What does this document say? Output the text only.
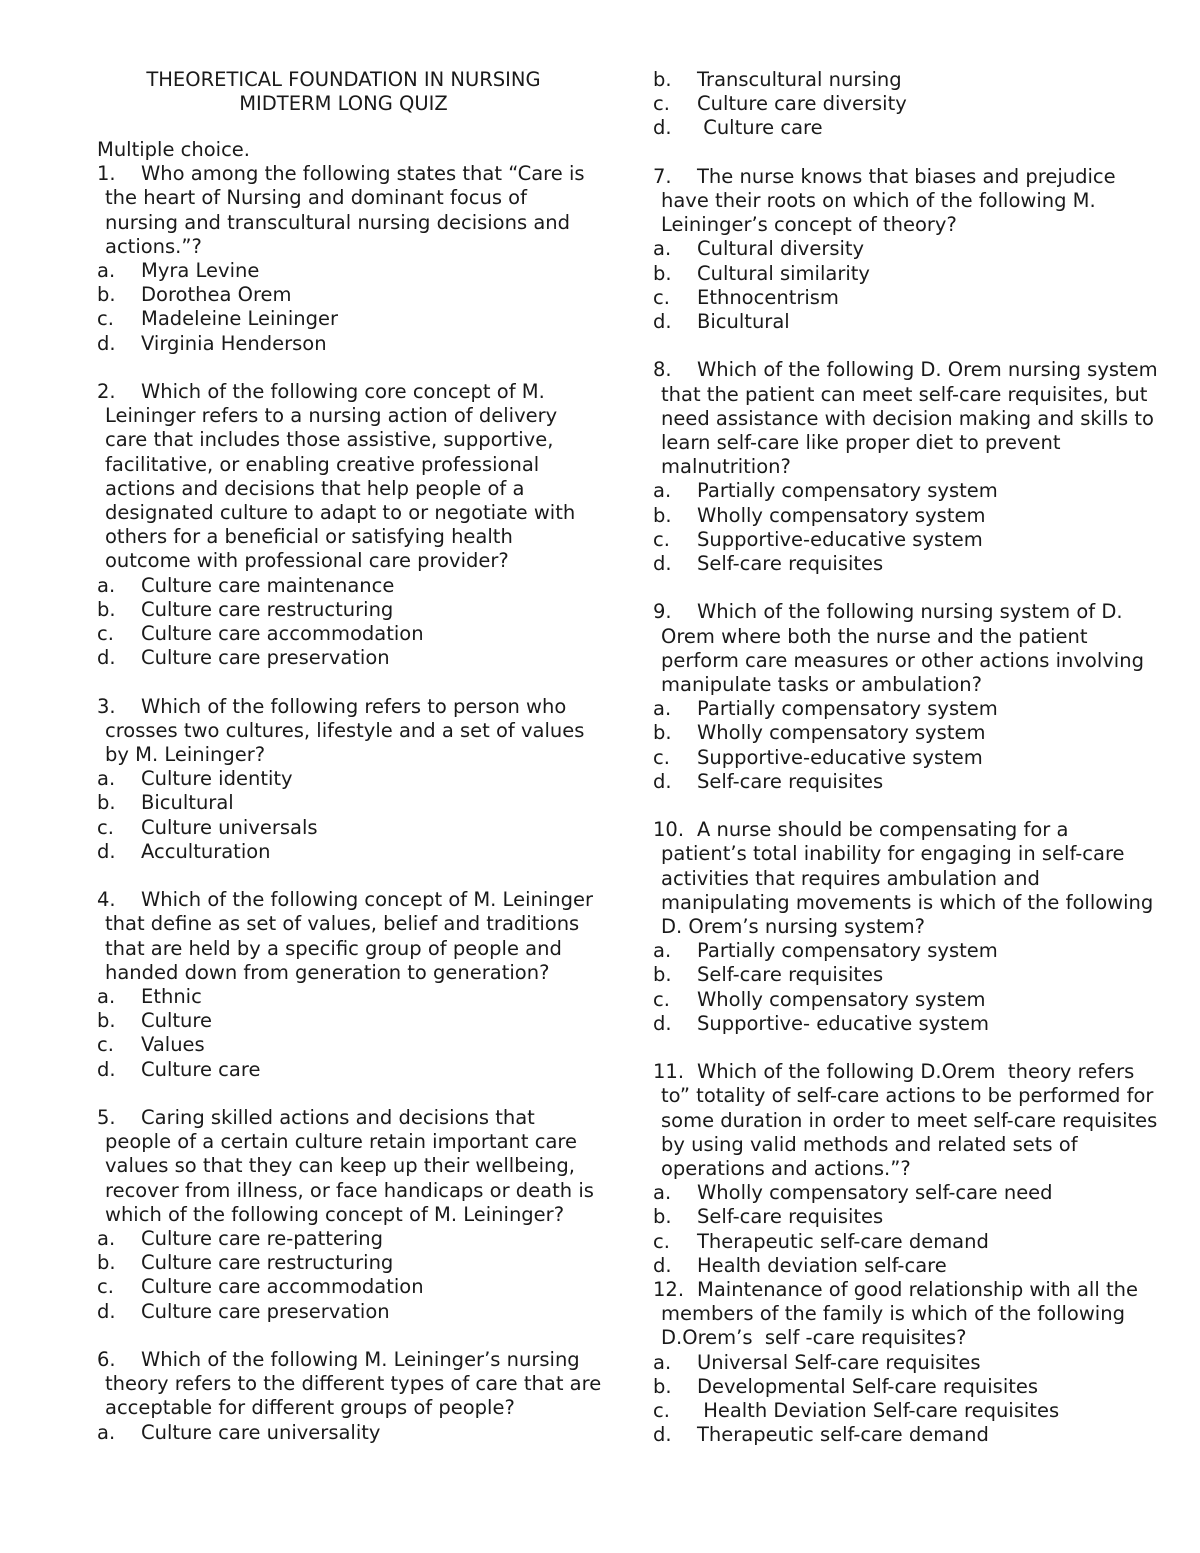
THEORETICAL FOUNDATION IN NURSING
MIDTERM LONG QUIZ
Multiple choice.
1. Who among the following states that “Care is the heart of Nursing and dominant focus of nursing and transcultural nursing decisions and actions.”?
a.	Myra Levine
b.	Dorothea Orem
c.	Madeleine Leininger
d.	Virginia Henderson
2. Which of the following core concept of M. Leininger refers to a nursing action of delivery care that includes those assistive, supportive, facilitative, or enabling creative professional actions and decisions that help people of a designated culture to adapt to or negotiate with others for a beneficial or satisfying health outcome with professional care provider?
a.	Culture care maintenance
b.	Culture care restructuring
c.	Culture care accommodation
d.	Culture care preservation
3. Which of the following refers to person who crosses two cultures, lifestyle and a set of values by M. Leininger?
a.	Culture identity
b.	Bicultural
c.	Culture universals
d.	Acculturation
4. Which of the following concept of M. Leininger that define as set of values, belief and traditions that are held by a specific group of people and handed down from generation to generation?
a.	Ethnic
b.	Culture
c.	Values
d.	Culture care
5. Caring skilled actions and decisions that people of a certain culture retain important care values so that they can keep up their wellbeing, recover from illness, or face handicaps or death is which of the following concept of M. Leininger?
a.	Culture care re-pattering
b.	Culture care restructuring
c.	Culture care accommodation
d.	Culture care preservation
6. Which of the following M. Leininger’s nursing theory refers to the different types of care that are acceptable for different groups of people?
a.	Culture care universality
b.	Transcultural nursing
c.	Culture care diversity
d.	Culture care
7. The nurse knows that biases and prejudice have their roots on which of the following M. Leininger’s concept of theory?
a.	Cultural diversity
b.	Cultural similarity
c.	Ethnocentrism
d.	Bicultural
8. Which of the following D. Orem nursing system that the patient can meet self-care requisites, but need assistance with decision making and skills to learn self-care like proper diet to prevent malnutrition?
a.	Partially compensatory system
b.	Wholly compensatory system
c.	Supportive-educative system
d.	Self-care requisites
9. Which of the following nursing system of D. Orem where both the nurse and the patient perform care measures or other actions involving manipulate tasks or ambulation?
a.	Partially compensatory system
b.	Wholly compensatory system
c.	Supportive-educative system
d.	Self-care requisites
10. A nurse should be compensating for a patient’s total inability for engaging in self-care activities that requires ambulation and manipulating movements is which of the following D. Orem’s nursing system?
a.	Partially compensatory system
b.	Self-care requisites
c.	Wholly compensatory system
d.	Supportive- educative system
11. Which of the following D.Orem  theory refers to” totality of self-care actions to be performed for some duration in order to meet self-care requisites by using valid methods and related sets of operations and actions.”?
a.	Wholly compensatory self-care need
b.	Self-care requisites
c.	Therapeutic self-care demand
d.	Health deviation self-care
12. Maintenance of good relationship with all the members of the family is which of the following D.Orem’s  self -care requisites?
a.	Universal Self-care requisites
b.	Developmental Self-care requisites
c.	Health Deviation Self-care requisites
d.	Therapeutic self-care demand
